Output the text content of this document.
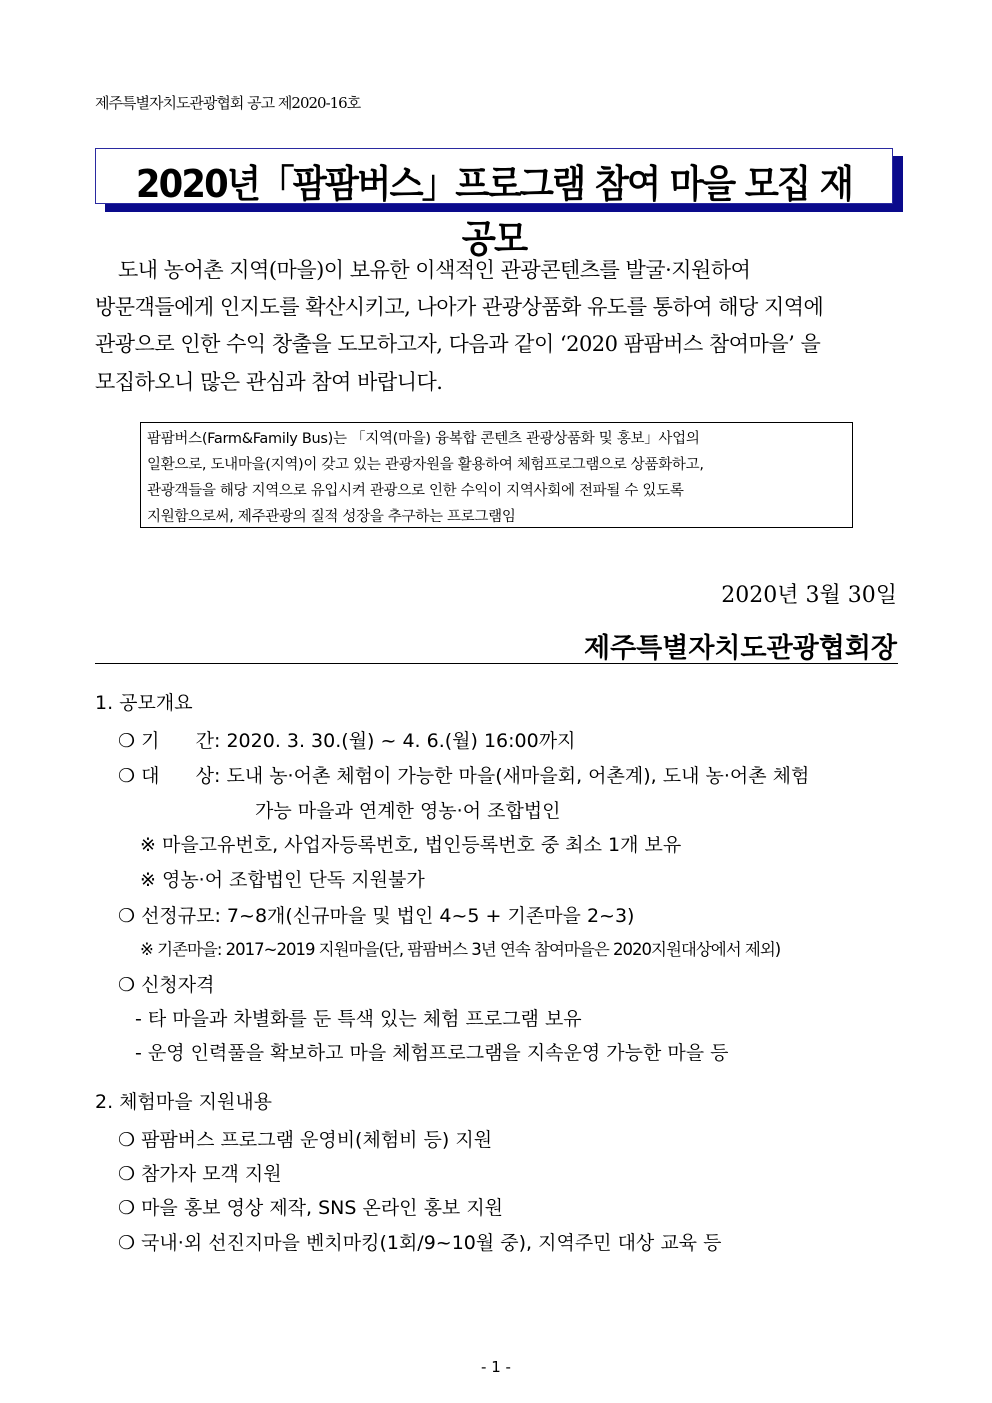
제주특별자치도관광협회 공고 제2020-16호
2020년「팜팜버스」프로그램 참여 마을 모집 재공모
도내 농어촌 지역(마을)이 보유한 이색적인 관광콘텐츠를 발굴·지원하여
방문객들에게 인지도를 확산시키고, 나아가 관광상품화 유도를 통하여 해당 지역에
관광으로 인한 수익 창출을 도모하고자, 다음과 같이 ‘2020 팜팜버스 참여마을’ 을
모집하오니 많은 관심과 참여 바랍니다.
팜팜버스(Farm&Family Bus)는 「지역(마을) 융복합 콘텐츠 관광상품화 및 홍보」사업의
일환으로, 도내마을(지역)이 갖고 있는 관광자원을 활용하여 체험프로그램으로 상품화하고,
관광객들을 해당 지역으로 유입시켜 관광으로 인한 수익이 지역사회에 전파될 수 있도록
지원함으로써, 제주관광의 질적 성장을 추구하는 프로그램임
2020년 3월 30일
제주특별자치도관광협회장
1. 공모개요
❍ 기      간: 2020. 3. 30.(월) ~ 4. 6.(월) 16:00까지
❍ 대      상: 도내 농·어촌 체험이 가능한 마을(새마을회, 어촌계), 도내 농·어촌 체험
가능 마을과 연계한 영농·어 조합법인
※ 마을고유번호, 사업자등록번호, 법인등록번호 중 최소 1개 보유
※ 영농·어 조합법인 단독 지원불가
❍ 선정규모: 7~8개(신규마을 및 법인 4~5 + 기존마을 2~3)
※ 기존마을: 2017~2019 지원마을(단, 팜팜버스 3년 연속 참여마을은 2020지원대상에서 제외)
❍ 신청자격
- 타 마을과 차별화를 둔 특색 있는 체험 프로그램 보유
- 운영 인력풀을 확보하고 마을 체험프로그램을 지속운영 가능한 마을 등
2. 체험마을 지원내용
❍ 팜팜버스 프로그램 운영비(체험비 등) 지원
❍ 참가자 모객 지원
❍ 마을 홍보 영상 제작, SNS 온라인 홍보 지원
❍ 국내·외 선진지마을 벤치마킹(1회/9~10월 중), 지역주민 대상 교육 등
- 1 -
